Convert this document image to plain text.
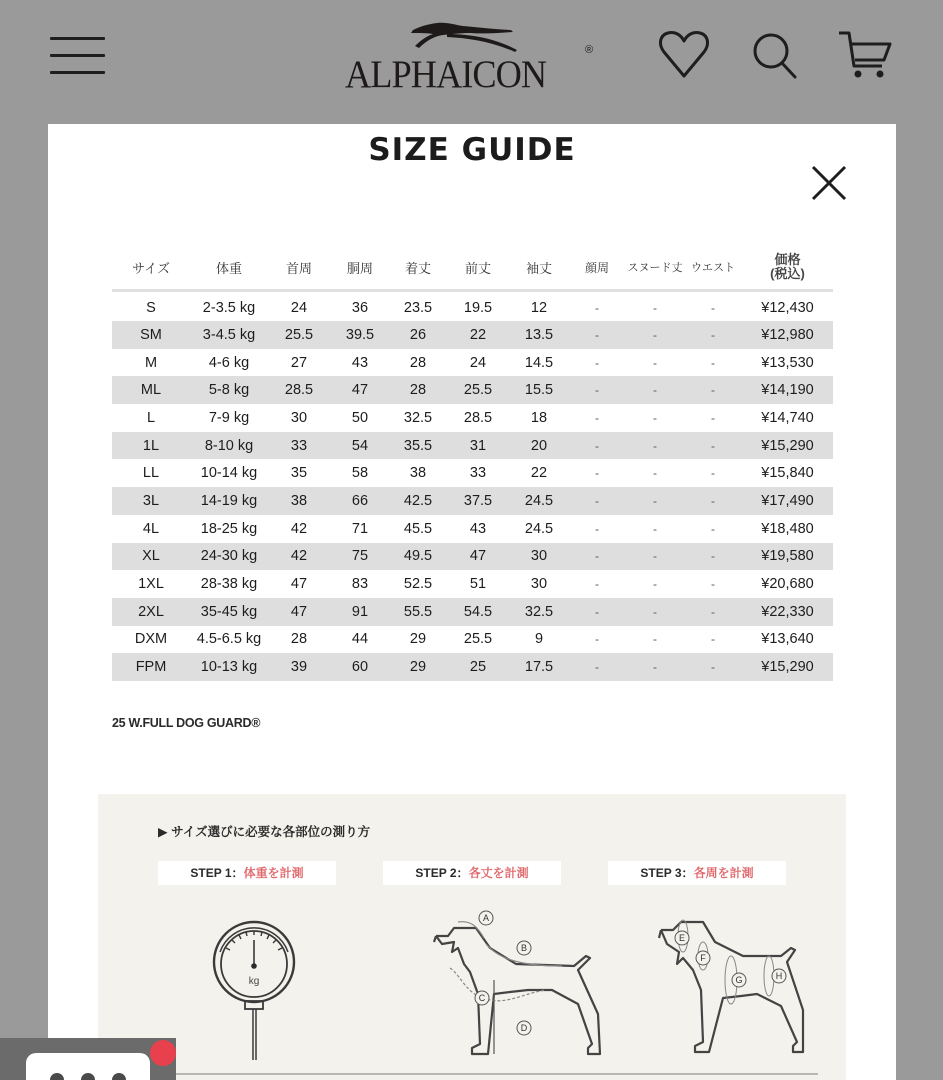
ALPHAICON
®
SIZE GUIDE
サイズ	体重	首周	胴周	着丈	前丈	袖丈	顔周	スヌード丈	ウエスト	価格
(税込)
S	2-3.5 kg	24	36	23.5	19.5	12	-	-	-	¥12,430
SM	3-4.5 kg	25.5	39.5	26	22	13.5	-	-	-	¥12,980
M	4-6 kg	27	43	28	24	14.5	-	-	-	¥13,530
ML	5-8 kg	28.5	47	28	25.5	15.5	-	-	-	¥14,190
L	7-9 kg	30	50	32.5	28.5	18	-	-	-	¥14,740
1L	8-10 kg	33	54	35.5	31	20	-	-	-	¥15,290
LL	10-14 kg	35	58	38	33	22	-	-	-	¥15,840
3L	14-19 kg	38	66	42.5	37.5	24.5	-	-	-	¥17,490
4L	18-25 kg	42	71	45.5	43	24.5	-	-	-	¥18,480
XL	24-30 kg	42	75	49.5	47	30	-	-	-	¥19,580
1XL	28-38 kg	47	83	52.5	51	30	-	-	-	¥20,680
2XL	35-45 kg	47	91	55.5	54.5	32.5	-	-	-	¥22,330
DXM	4.5-6.5 kg	28	44	29	25.5	9	-	-	-	¥13,640
FPM	10-13 kg	39	60	29	25	17.5	-	-	-	¥15,290
25 W.FULL DOG GUARD®
▶ サイズ選びに必要な各部位の測り方
STEP 1：体重を計測	STEP 2：各丈を計測	STEP 3：各周を計測
kg
A
B
C
D
E
F
G	H
